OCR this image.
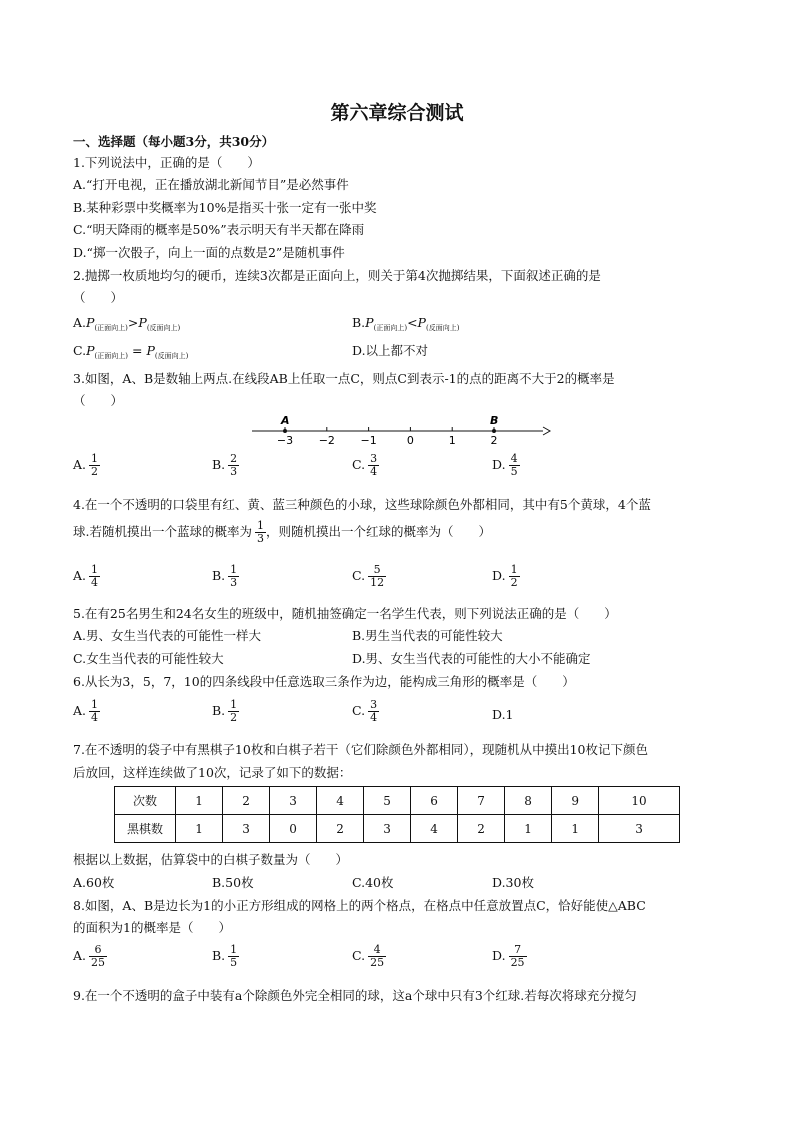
第六章综合测试
一、选择题（每小题3分，共30分）
1.下列说法中，正确的是（　　）
A.“打开电视，正在播放湖北新闻节目”是必然事件
B.某种彩票中奖概率为10%是指买十张一定有一张中奖
C.“明天降雨的概率是50%”表示明天有半天都在降雨
D.“掷一次骰子，向上一面的点数是2”是随机事件
2.抛掷一枚质地均匀的硬币，连续3次都是正面向上，则关于第4次抛掷结果，下面叙述正确的是
（　　）
$A.P_{(正面向上)}>P_{(反面向上)}$	$B.P_{(正面向上)}<P_{(反面向上)}$
$C.P_{(正面向上)} = P_{(反面向上)}$	D.以上都不对
3.如图，A、B是数轴上两点.在线段AB上任取一点C，则点C到表示-1的点的距离不大于2的概率是
（　　）
−3 −2 −1	0	1	2
A	B
A. $\frac{1}{2}$	B. $\frac{2}{3}$	C. $\frac{3}{4}$	D. $\frac{4}{5}$
4.在一个不透明的口袋里有红、黄、蓝三种颜色的小球，这些球除颜色外都相同，其中有5个黄球，4个蓝
球.若随机摸出一个蓝球的概率为 $\frac{1}{3}$ ，则随机摸出一个红球的概率为（　　）
A. $\frac{1}{4}$	B. $\frac{1}{3}$	C. $\frac{5}{12}$	D. $\frac{1}{2}$
5.在有25名男生和24名女生的班级中，随机抽签确定一名学生代表，则下列说法正确的是（　　）
A.男、女生当代表的可能性一样大	B.男生当代表的可能性较大
C.女生当代表的可能性较大	D.男、女生当代表的可能性的大小不能确定
6.从长为3，5，7，10的四条线段中任意选取三条作为边，能构成三角形的概率是（　　）
A. $\frac{1}{4}$	B. $\frac{1}{2}$	C. $\frac{3}{4}$	D.1
7.在不透明的袋子中有黑棋子10枚和白棋子若干（它们除颜色外都相同），现随机从中摸出10枚记下颜色
后放回，这样连续做了10次，记录了如下的数据：
次数	1	2	3	4	5	6	7	8	9	10
黑棋数	1	3	0	2	3	4	2	1	1	3
根据以上数据，估算袋中的白棋子数量为（　　）
A.60枚	B.50枚	C.40枚	D.30枚
8.如图，A、B是边长为1的小正方形组成的网格上的两个格点，在格点中任意放置点C，恰好能使△ABC
的面积为1的概率是（　　）
A. $\frac{6}{25}$	B. $\frac{1}{5}$	C. $\frac{4}{25}$	D. $\frac{7}{25}$
9.在一个不透明的盒子中装有a个除颜色外完全相同的球，这a个球中只有3个红球.若每次将球充分搅匀
